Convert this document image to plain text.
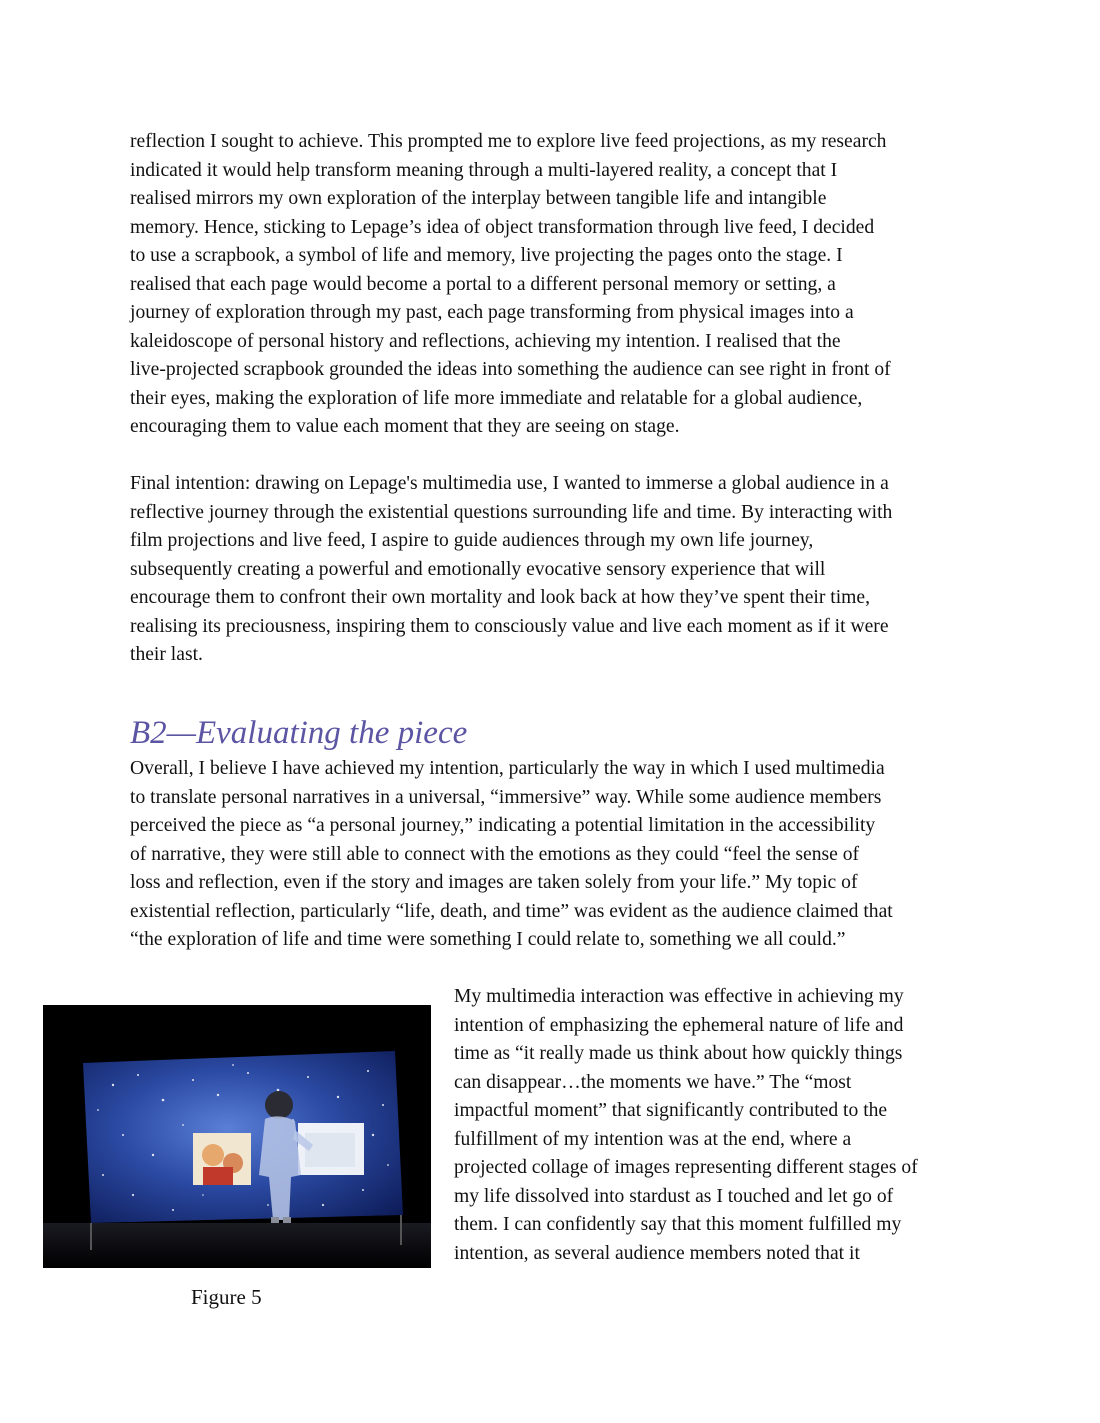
reflection I sought to achieve. This prompted me to explore live feed projections, as my research
indicated it would help transform meaning through a multi-layered reality, a concept that I
realised mirrors my own exploration of the interplay between tangible life and intangible
memory. Hence, sticking to Lepage’s idea of object transformation through live feed, I decided
to use a scrapbook, a symbol of life and memory, live projecting the pages onto the stage. I
realised that each page would become a portal to a different personal memory or setting, a
journey of exploration through my past, each page transforming from physical images into a
kaleidoscope of personal history and reflections, achieving my intention. I realised that the
live-projected scrapbook grounded the ideas into something the audience can see right in front of
their eyes, making the exploration of life more immediate and relatable for a global audience,
encouraging them to value each moment that they are seeing on stage.

Final intention: drawing on Lepage's multimedia use, I wanted to immerse a global audience in a
reflective journey through the existential questions surrounding life and time. By interacting with
film projections and live feed, I aspire to guide audiences through my own life journey,
subsequently creating a powerful and emotionally evocative sensory experience that will
encourage them to confront their own mortality and look back at how they’ve spent their time,
realising its preciousness, inspiring them to consciously value and live each moment as if it were
their last.

B2—Evaluating the piece

Overall, I believe I have achieved my intention, particularly the way in which I used multimedia
to translate personal narratives in a universal, “immersive” way. While some audience members
perceived the piece as “a personal journey,” indicating a potential limitation in the accessibility
of narrative, they were still able to connect with the emotions as they could “feel the sense of
loss and reflection, even if the story and images are taken solely from your life.” My topic of
existential reflection, particularly “life, death, and time” was evident as the audience claimed that
“the exploration of life and time were something I could relate to, something we all could.”

Figure 5

My multimedia interaction was effective in achieving my
intention of emphasizing the ephemeral nature of life and
time as “it really made us think about how quickly things
can disappear…the moments we have.” The “most
impactful moment” that significantly contributed to the
fulfillment of my intention was at the end, where a
projected collage of images representing different stages of
my life dissolved into stardust as I touched and let go of
them. I can confidently say that this moment fulfilled my
intention, as several audience members noted that it
